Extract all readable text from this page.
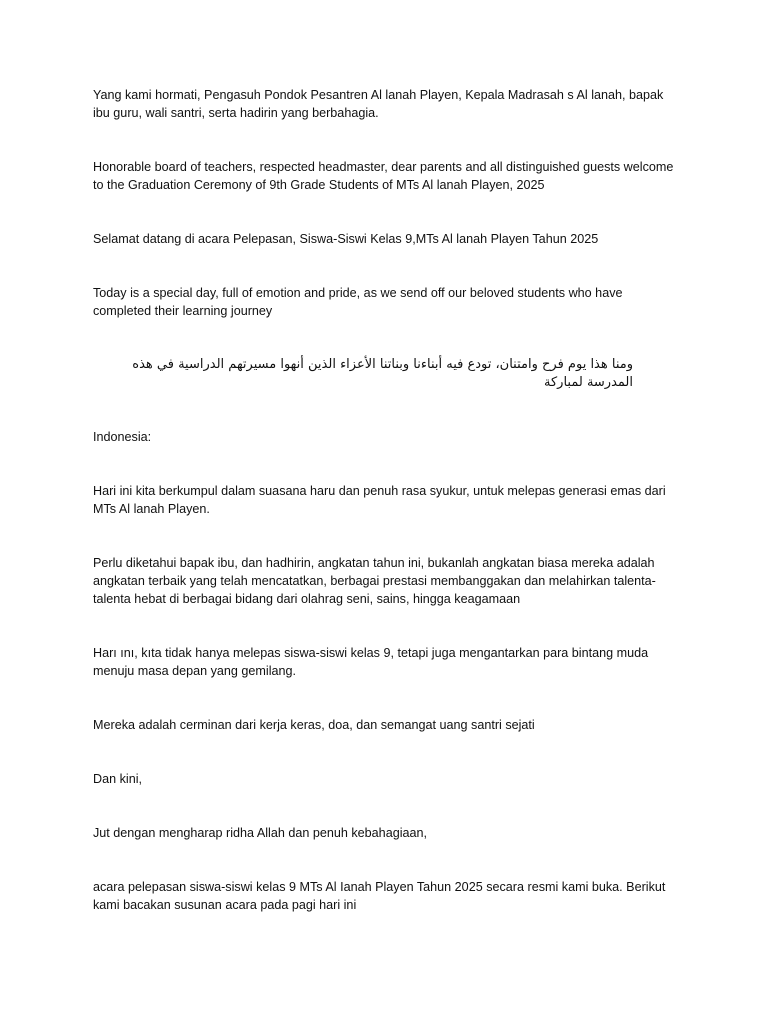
Yang kami hormati, Pengasuh Pondok Pesantren Al lanah Playen, Kepala Madrasah s Al lanah, bapak ibu guru, wali santri, serta hadirin yang berbahagia.

Honorable board of teachers, respected headmaster, dear parents and all distinguished guests welcome to the Graduation Ceremony of 9th Grade Students of MTs Al lanah Playen, 2025

Selamat datang di acara Pelepasan, Siswa-Siswi Kelas 9,MTs Al lanah Playen Tahun 2025

Today is a special day, full of emotion and pride, as we send off our beloved students who have completed their learning journey

ومنا هذا يوم فرح وامتنان، تودع فيه أبناءنا وبناتنا الأعزاء الذين أنهوا مسيرتهم الدراسية في هذه المدرسة لمباركة

Indonesia:

Hari ini kita berkumpul dalam suasana haru dan penuh rasa syukur, untuk melepas generasi emas dari MTs Al lanah Playen.

Perlu diketahui bapak ibu, dan hadhirin, angkatan tahun ini, bukanlah angkatan biasa mereka adalah angkatan terbaik yang telah mencatatkan, berbagai prestasi membanggakan dan melahirkan talenta-talenta hebat di berbagai bidang dari olahrag seni, sains, hingga keagamaan

Harı ını, kıta tidak hanya melepas siswa-siswi kelas 9, tetapi juga mengantarkan para bintang muda menuju masa depan yang gemilang.

Mereka adalah cerminan dari kerja keras, doa, dan semangat uang santri sejati

Dan kini,

Jut dengan mengharap ridha Allah dan penuh kebahagiaan,

acara pelepasan siswa-siswi kelas 9 MTs Al Ianah Playen Tahun 2025 secara resmi kami buka. Berikut kami bacakan susunan acara pada pagi hari ini
